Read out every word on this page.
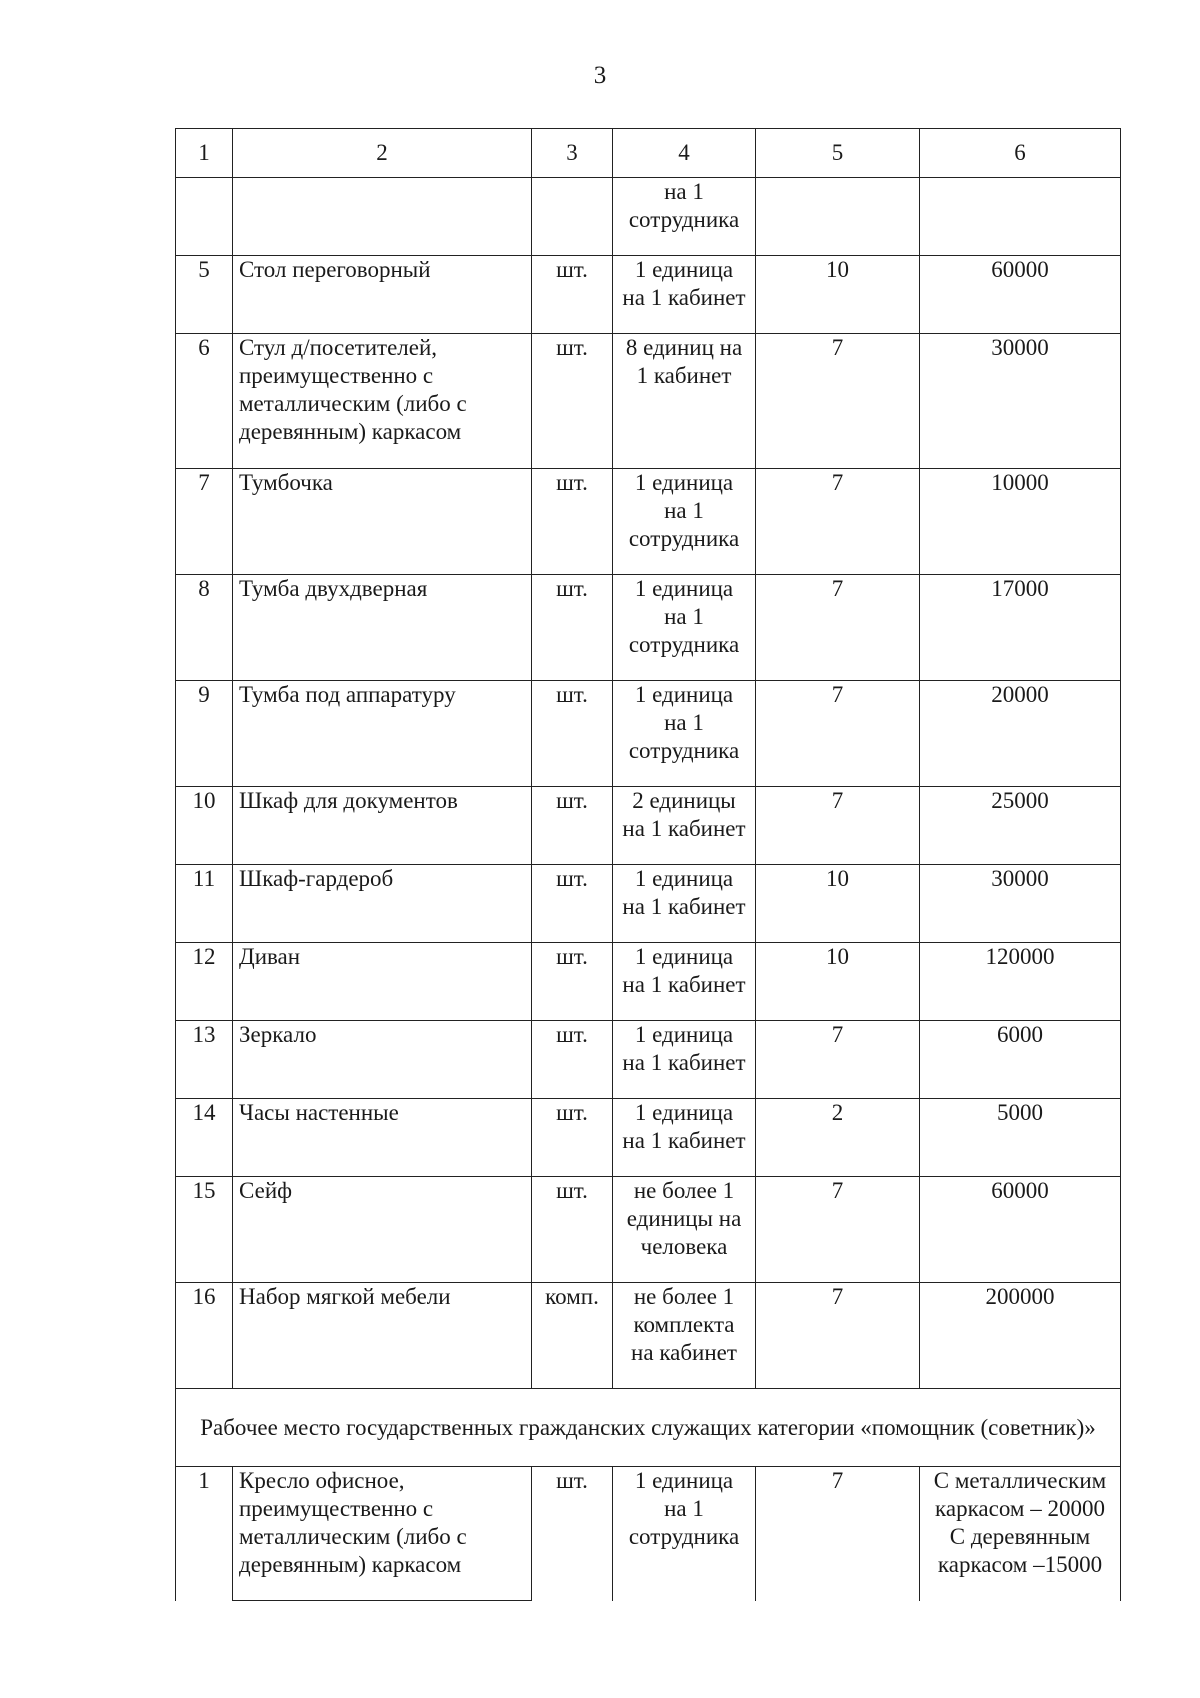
3
1	2	3	4	5	6
			на 1
сотрудника		
5	Стол переговорный	шт.	1 единица
на 1 кабинет	10	60000
6	Стул д/посетителей,
преимущественно с
металлическим (либо с
деревянным) каркасом	шт.	8 единиц на
1 кабинет	7	30000
7	Тумбочка	шт.	1 единица
на 1
сотрудника	7	10000
8	Тумба двухдверная	шт.	1 единица
на 1
сотрудника	7	17000
9	Тумба под аппаратуру	шт.	1 единица
на 1
сотрудника	7	20000
10	Шкаф для документов	шт.	2 единицы
на 1 кабинет	7	25000
11	Шкаф-гардероб	шт.	1 единица
на 1 кабинет	10	30000
12	Диван	шт.	1 единица
на 1 кабинет	10	120000
13	Зеркало	шт.	1 единица
на 1 кабинет	7	6000
14	Часы настенные	шт.	1 единица
на 1 кабинет	2	5000
15	Сейф	шт.	не более 1
единицы на
человека	7	60000
16	Набор мягкой мебели	комп.	не более 1
комплекта
на кабинет	7	200000
Рабочее место государственных гражданских служащих категории «помощник (советник)»					
1	Кресло офисное,
преимущественно с
металлическим (либо с
деревянным) каркасом	шт.	1 единица
на 1
сотрудника	7	С металлическим
каркасом – 20000
С деревянным
каркасом –15000
